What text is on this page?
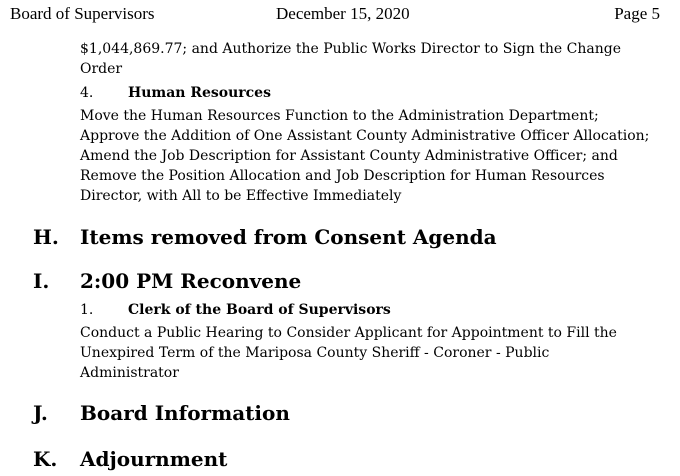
Board of Supervisors	December 15, 2020	Page 5
$1,044,869.77; and Authorize the Public Works Director to Sign the Change
Order
4. Human Resources
Move the Human Resources Function to the Administration Department;
Approve the Addition of One Assistant County Administrative Officer Allocation;
Amend the Job Description for Assistant County Administrative Officer; and
Remove the Position Allocation and Job Description for Human Resources
Director, with All to be Effective Immediately
H. Items removed from Consent Agenda
I. 2:00 PM Reconvene
1. Clerk of the Board of Supervisors
Conduct a Public Hearing to Consider Applicant for Appointment to Fill the
Unexpired Term of the Mariposa County Sheriff - Coroner - Public
Administrator
J. Board Information
K. Adjournment
